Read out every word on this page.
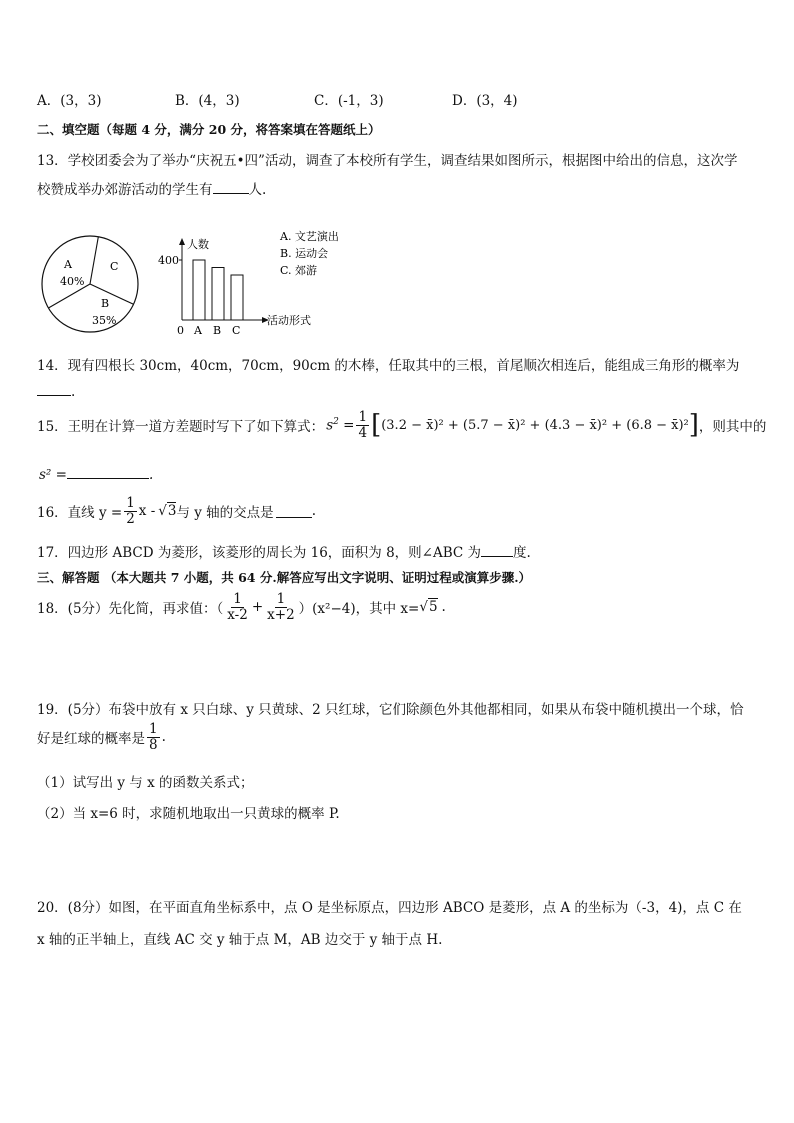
A．(3，3)	B．(4，3)	C．(-1，3)	D．(3，4)
二、填空题（每题 4 分，满分 20 分，将答案填在答题纸上）
13．学校团委会为了举办“庆祝五•四”活动，调查了本校所有学生，调查结果如图所示，根据图中给出的信息，这次学
校赞成举办郊游活动的学生有	人.
A
40%
C
B
35%
人数
400
0 A B C
活动形式
A. 文艺演出
B. 运动会
C. 郊游
14．现有四根长 30cm，40cm，70cm，90cm 的木棒，任取其中的三根，首尾顺次相连后，能组成三角形的概率为
.
15．王明在计算一道方差题时写下了如下算式： $s^2 = \frac{1}{4}$ [ (3.2 − x̄)² + (5.7 − x̄)² + (4.3 − x̄)² + (6.8 − x̄)² ] ，则其中的
s² =	.
16．直线 $y = \frac{1}{2}$ x - √3 与 y 轴的交点是	.
17．四边形 ABCD 为菱形，该菱形的周长为 16，面积为 8，则∠ABC 为 度.
三、解答题 （本大题共 7 小题，共 64 分.解答应写出文字说明、证明过程或演算步骤.）
18．(5分）先化简，再求值：（ $\frac{1}{x-2} + \frac{1}{x+2} )(x^2-4)$，其中 x= √5 .
19．(5分）布袋中放有 x 只白球、y 只黄球、2 只红球，它们除颜色外其他都相同，如果从布袋中随机摸出一个球，恰
好是红球的概率是 $\frac{1}{8}$ .
（1）试写出 y 与 x 的函数关系式；
（2）当 x=6 时，求随机地取出一只黄球的概率 P.
20．(8分）如图，在平面直角坐标系中，点 O 是坐标原点，四边形 ABCO 是菱形，点 A 的坐标为（-3，4)，点 C 在
x 轴的正半轴上，直线 AC 交 y 轴于点 M，AB 边交于 y 轴于点 H.
